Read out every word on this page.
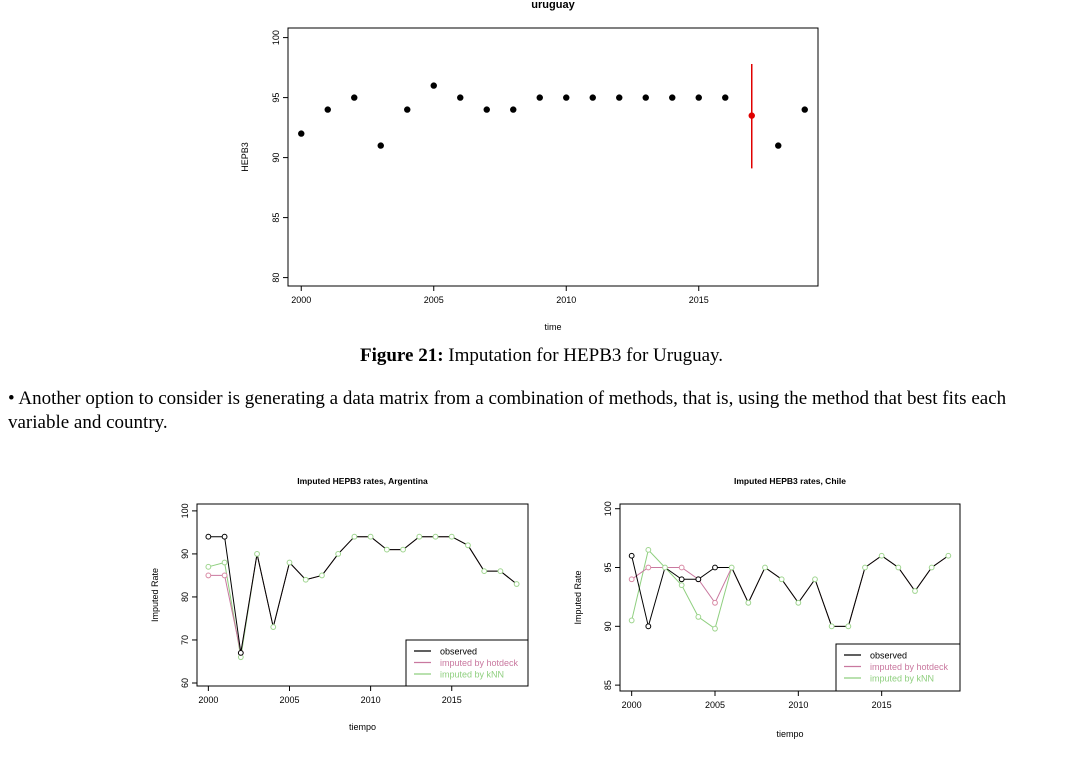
uruguay
2000	2005	2010	2015
time
80
85
90
95
100
HEPB3
Figure 21: Imputation for HEPB3 for Uruguay.
• Another option to consider is generating a data matrix from a combination of methods, that is, using the method that best fits each variable and country.
Imputed HEPB3 rates, Argentina
2000	2005	2010	2015
tiempo
60
70
80
90
100
Imputed Rate
observed
imputed by hotdeck
imputed by kNN
Imputed HEPB3 rates, Chile
2000	2005	2010	2015
tiempo
85
90
95
100
Imputed Rate
observed
imputed by hotdeck
imputed by kNN
